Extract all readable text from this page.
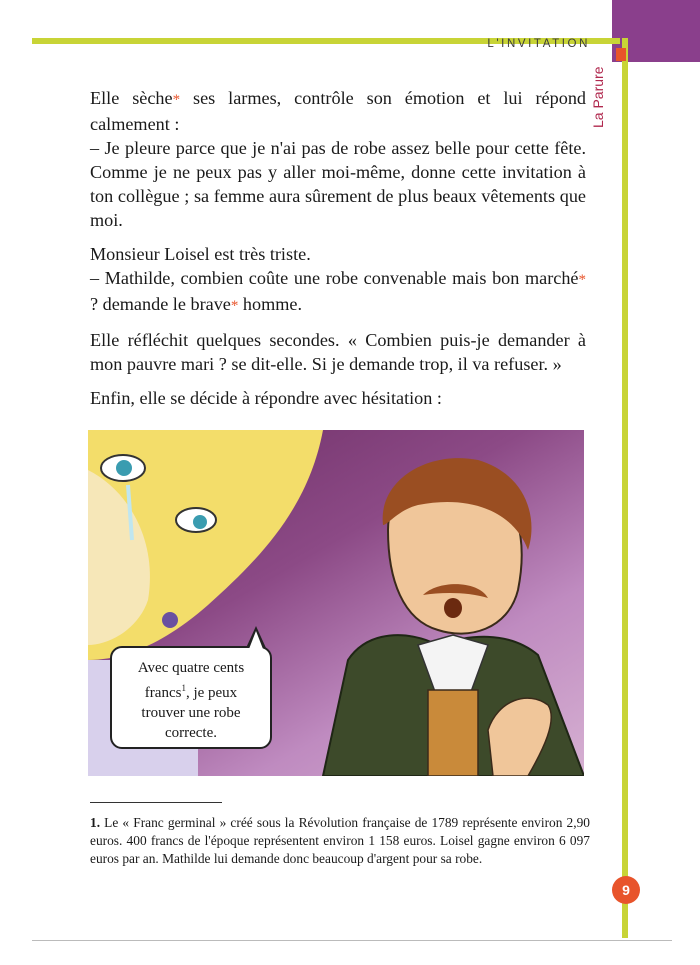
L'INVITATION
La Parure

Elle sèche* ses larmes, contrôle son émotion et lui répond calmement :
– Je pleure parce que je n'ai pas de robe assez belle pour cette fête. Comme je ne peux pas y aller moi-même, donne cette invitation à ton collègue ; sa femme aura sûrement de plus beaux vêtements que moi.

Monsieur Loisel est très triste.
– Mathilde, combien coûte une robe convenable mais bon marché* ? demande le brave* homme.

Elle réfléchit quelques secondes. « Combien puis-je demander à mon pauvre mari ? se dit-elle. Si je demande trop, il va refuser. »

Enfin, elle se décide à répondre avec hésitation :

Avec quatre cents
francs$^1$, je peux
trouver une robe
correcte.
1. Le « Franc germinal » créé sous la Révolution française de 1789 représente environ 2,90 euros. 400 francs de l'époque représentent environ 1 158 euros. Loisel gagne environ 6 097 euros par an. Mathilde lui demande donc beaucoup d'argent pour sa robe.
9
